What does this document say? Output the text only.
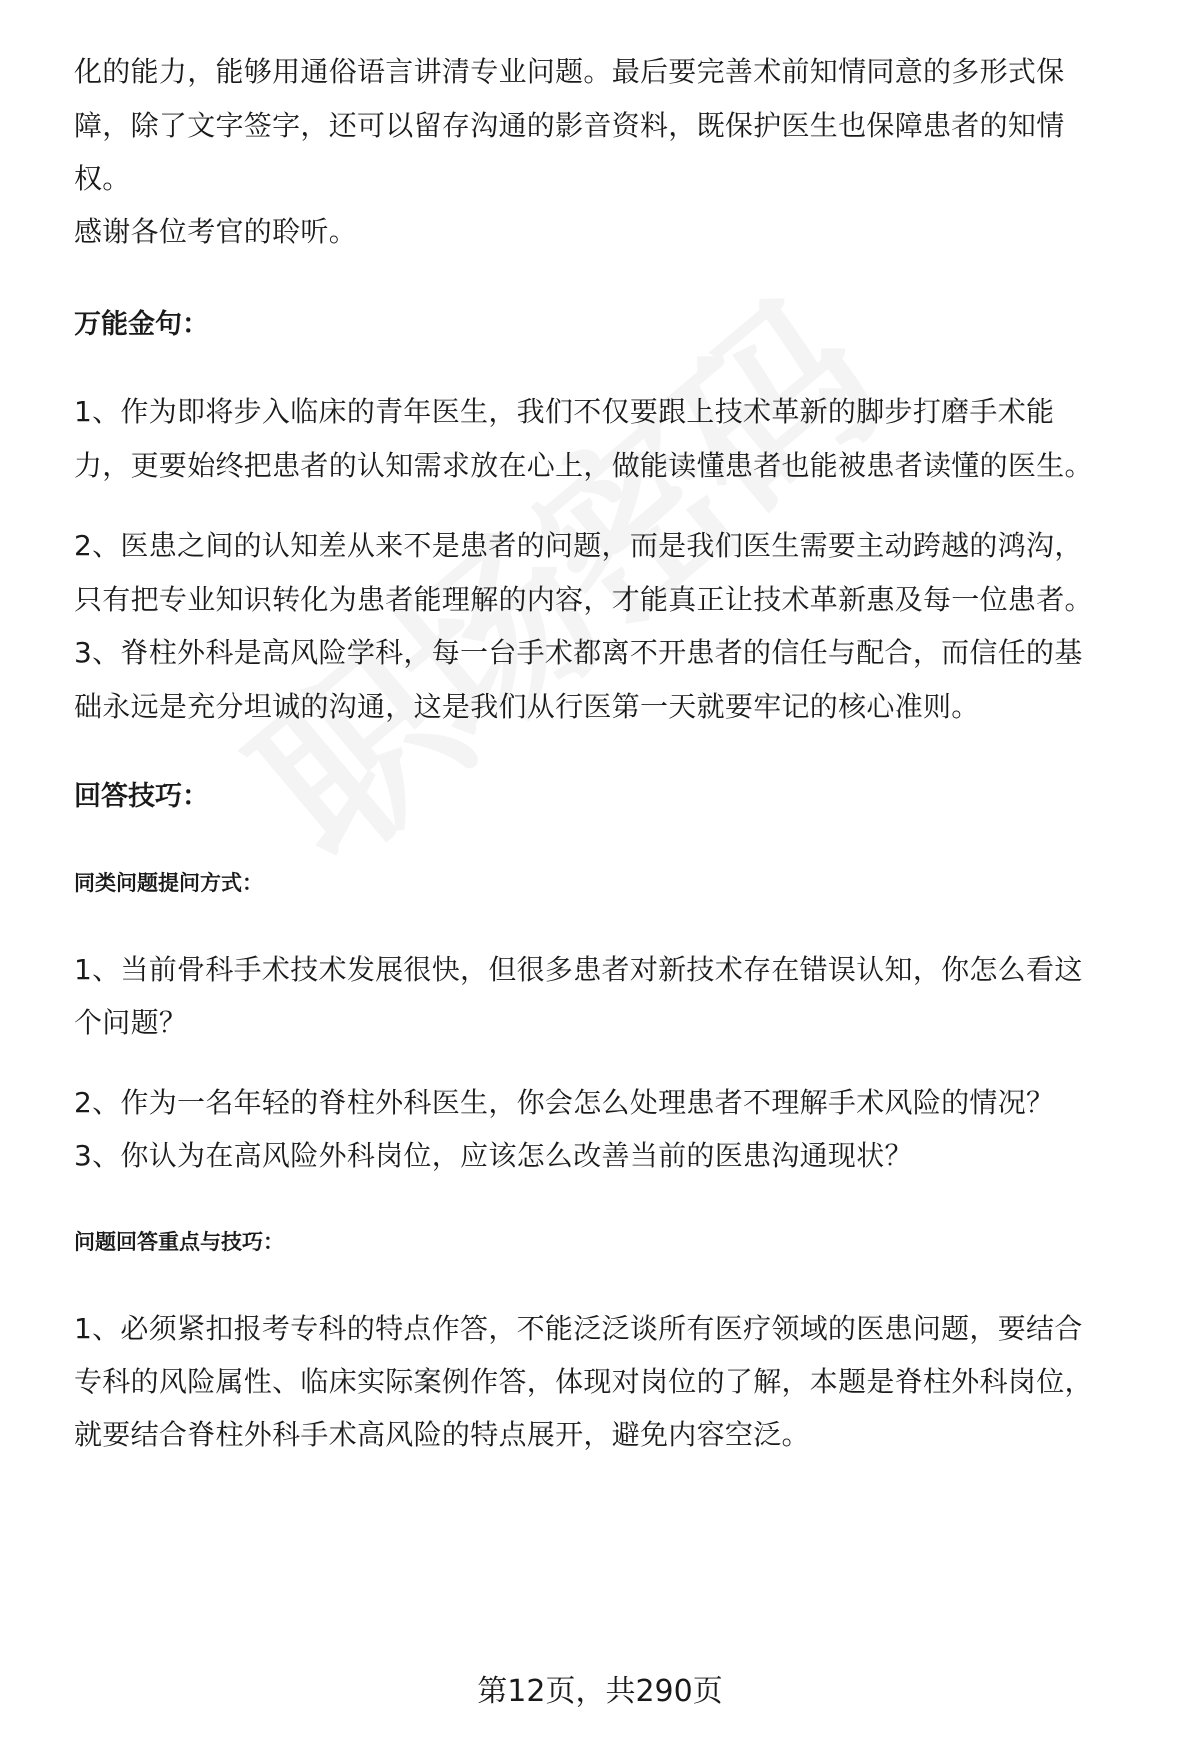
化的能力，能够用通俗语言讲清专业问题。最后要完善术前知情同意的多形式保
障，除了文字签字，还可以留存沟通的影音资料，既保护医生也保障患者的知情
权。
感谢各位考官的聆听。
万能金句：
1、作为即将步入临床的青年医生，我们不仅要跟上技术革新的脚步打磨手术能
力，更要始终把患者的认知需求放在心上，做能读懂患者也能被患者读懂的医生。
2、医患之间的认知差从来不是患者的问题，而是我们医生需要主动跨越的鸿沟，
只有把专业知识转化为患者能理解的内容，才能真正让技术革新惠及每一位患者。
3、脊柱外科是高风险学科，每一台手术都离不开患者的信任与配合，而信任的基
础永远是充分坦诚的沟通，这是我们从行医第一天就要牢记的核心准则。
回答技巧：
同类问题提问方式：
1、当前骨科手术技术发展很快，但很多患者对新技术存在错误认知，你怎么看这
个问题？
2、作为一名年轻的脊柱外科医生，你会怎么处理患者不理解手术风险的情况？
3、你认为在高风险外科岗位，应该怎么改善当前的医患沟通现状？
问题回答重点与技巧：
1、必须紧扣报考专科的特点作答，不能泛泛谈所有医疗领域的医患问题，要结合
专科的风险属性、临床实际案例作答，体现对岗位的了解，本题是脊柱外科岗位，
就要结合脊柱外科手术高风险的特点展开，避免内容空泛。
第12页，共290页
